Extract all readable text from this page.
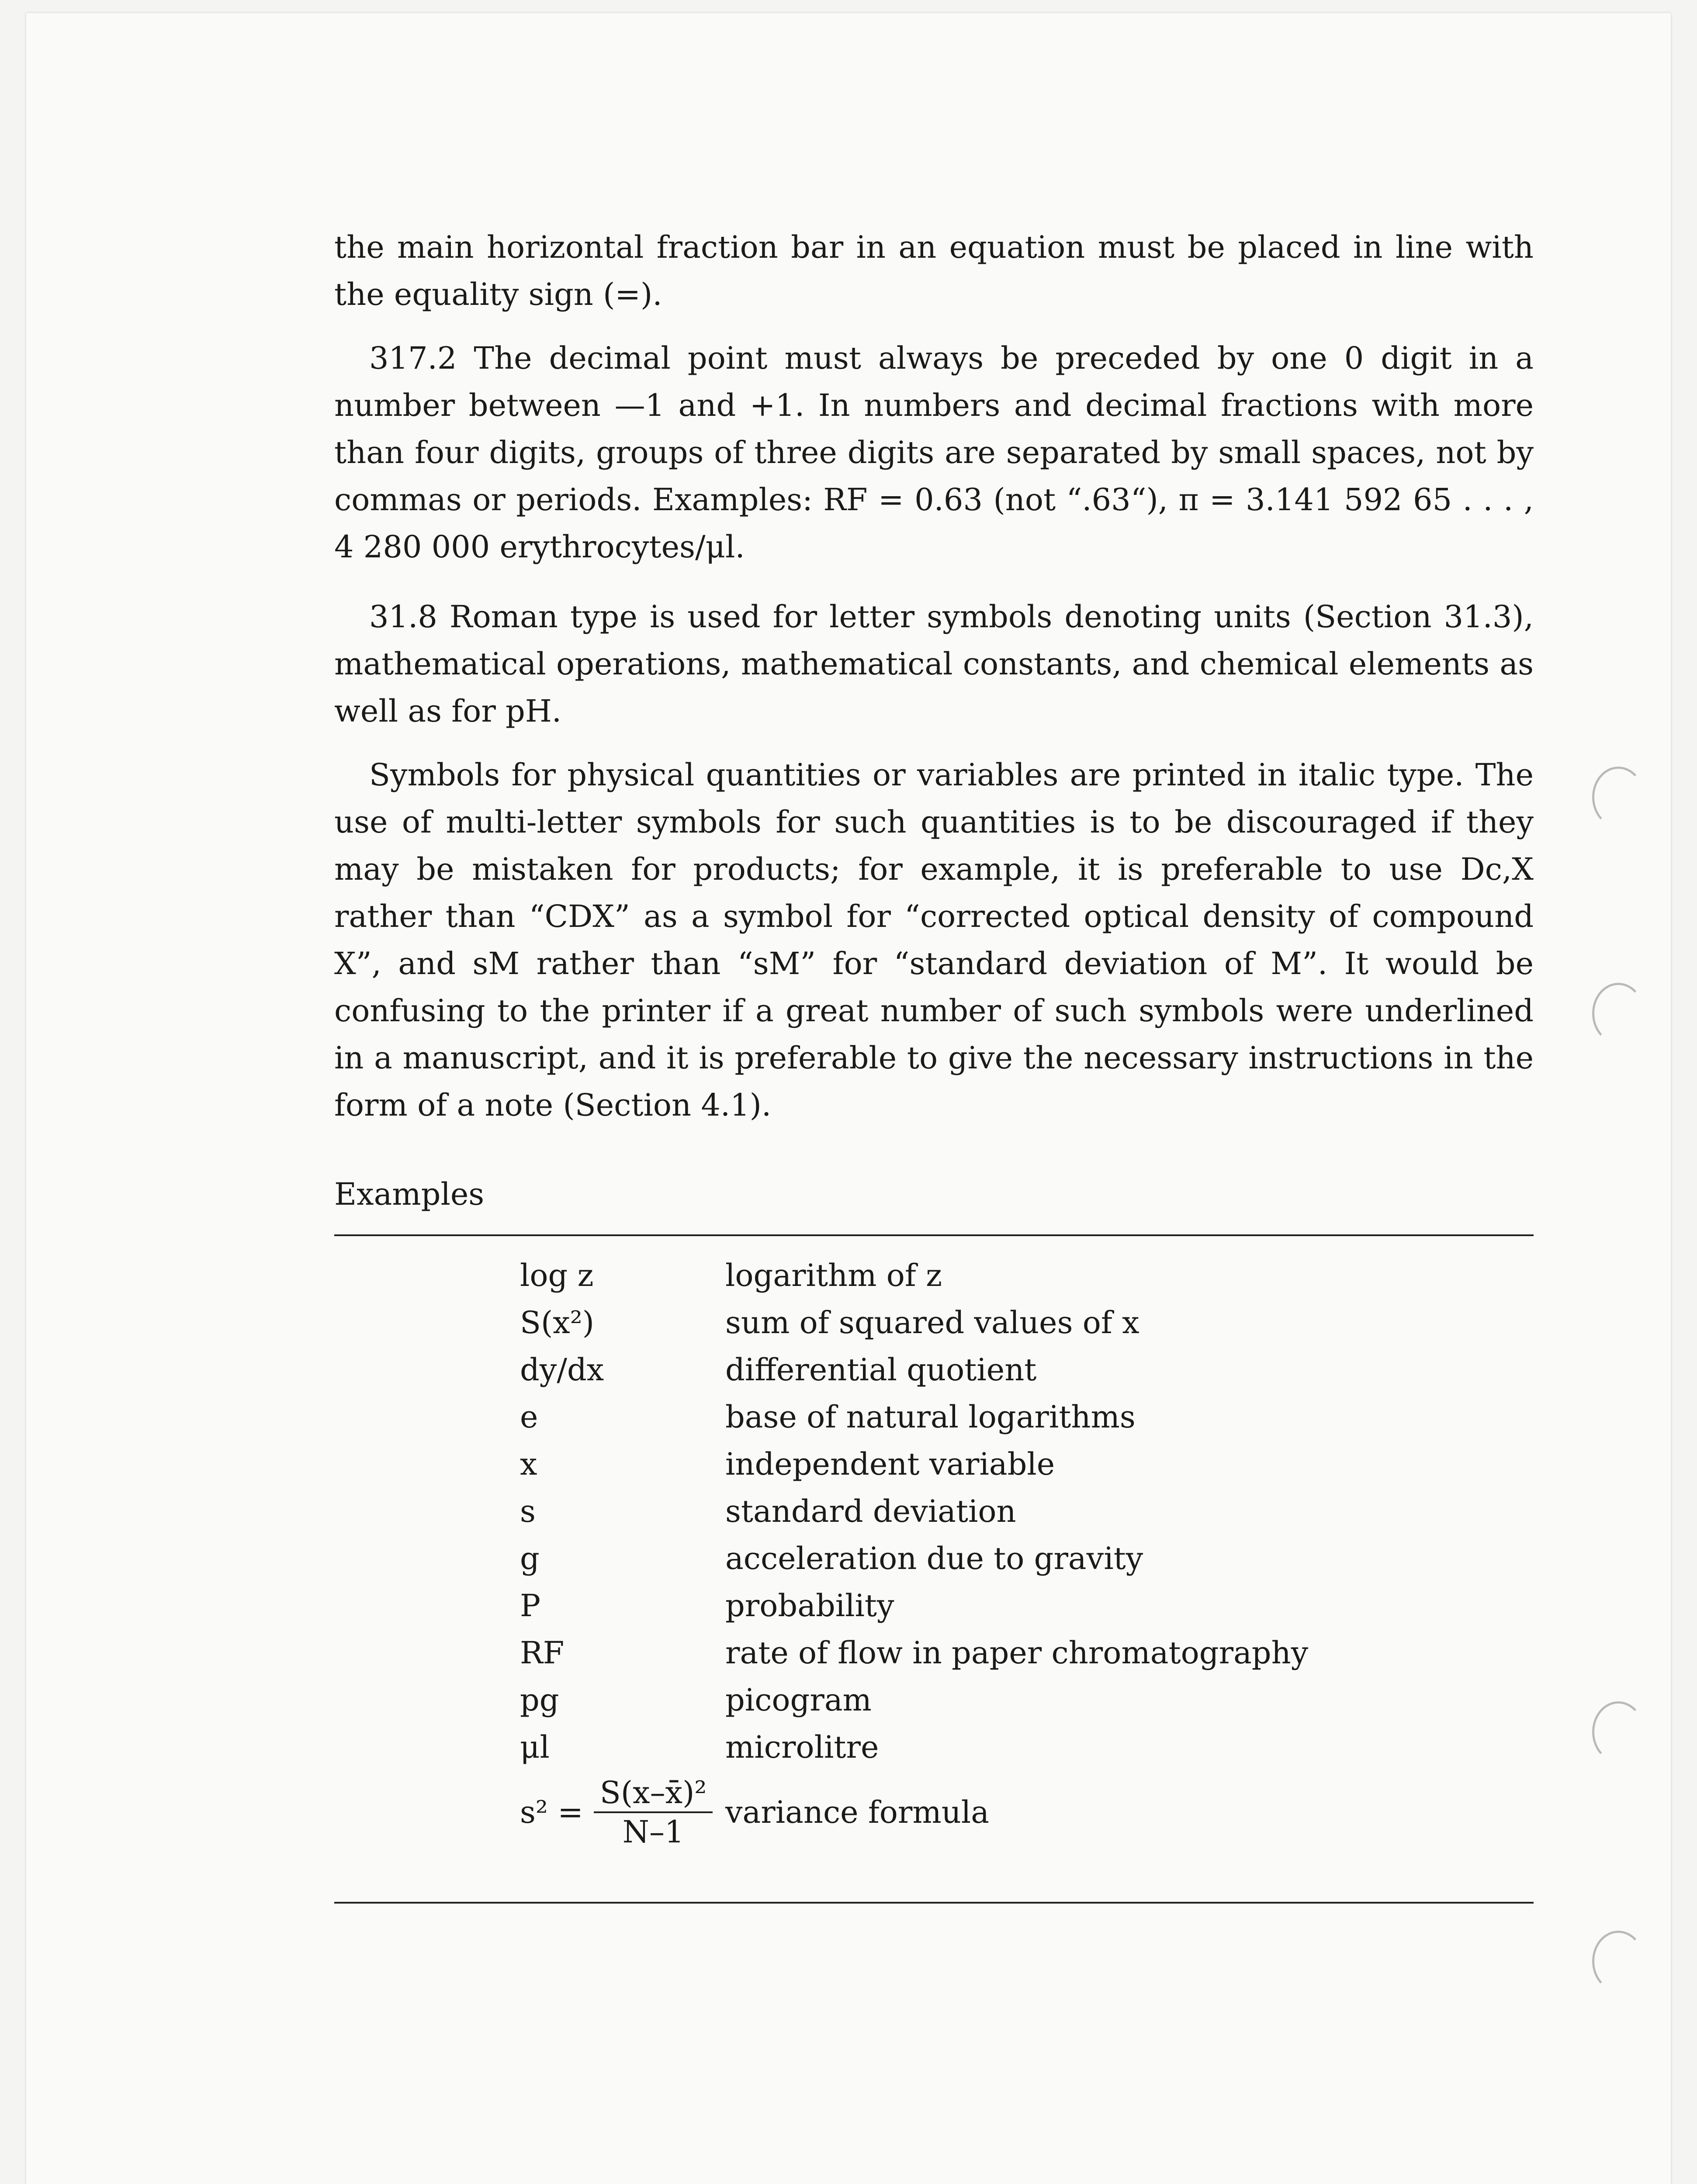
the main horizontal fraction bar in an equation must be placed in line with the equality sign (=).

317.2 The decimal point must always be preceded by one 0 digit in a number between —1 and +1. In numbers and decimal fractions with more than four digits, groups of three digits are separated by small spaces, not by commas or periods. Examples: RF = 0.63 (not “.63“), π = 3.141 592 65 . . . , 4 280 000 erythrocytes/μl.

31.8 Roman type is used for letter symbols denoting units (Section 31.3), mathematical operations, mathematical constants, and chemical elements as well as for pH.

Symbols for physical quantities or variables are printed in italic type. The use of multi-letter symbols for such quantities is to be discouraged if they may be mistaken for products; for example, it is preferable to use Dc,X rather than “CDX” as a symbol for “corrected optical density of compound X”, and sM rather than “sM” for “standard deviation of M”. It would be confusing to the printer if a great number of such symbols were underlined in a manuscript, and it is preferable to give the necessary instructions in the form of a note (Section 4.1).

Examples

log z	logarithm of z
S(x²)	sum of squared values of x
dy/dx	differential quotient
e	base of natural logarithms
x	independent variable
s	standard deviation
g	acceleration due to gravity
P	probability
RF	rate of flow in paper chromatography
pg	picogram
μl	microlitre
$s^2 = \frac{\text{S(x–x̄)²}}{N-1}$	variance formula
